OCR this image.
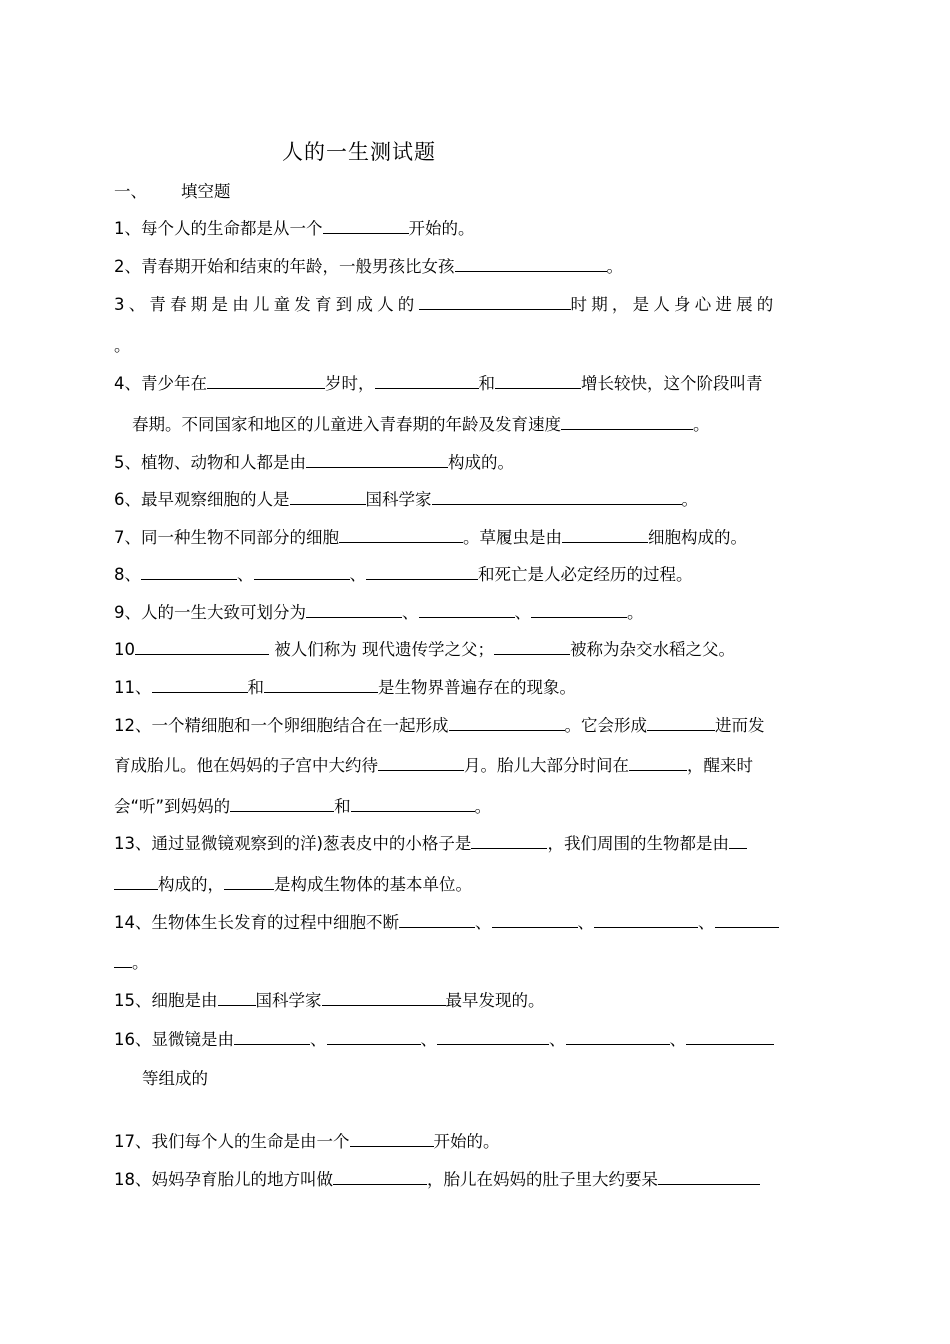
人的一生测试题
一、 填空题
1、每个人的生命都是从一个	开始的。
2、青春期开始和结束的年龄，一般男孩比女孩	。
3、青春期是由儿童发育到成人的	时期，是人身心进展的
。
4、青少年在	岁时，	和	增长较快，这个阶段叫青
春期。不同国家和地区的儿童进入青春期的年龄及发育速度	。
5、植物、动物和人都是由	构成的。
6、最早观察细胞的人是	国科学家	。
7、同一种生物不同部分的细胞	。草履虫是由	细胞构成的。
8、	、	、	和死亡是人必定经历的过程。
9、人的一生大致可划分为	、	、	。
10	被人们称为 现代遗传学之父；	被称为杂交水稻之父。
11、	和	是生物界普遍存在的现象。
12、一个精细胞和一个卵细胞结合在一起形成	。它会形成	进而发
育成胎儿。他在妈妈的子宫中大约待	月。胎儿大部分时间在	，醒来时
会“听”到妈妈的	和	。
13、通过显微镜观察到的洋)葱表皮中的小格子是	，我们周围的生物都是由
构成的，	是构成生物体的基本单位。
14、生物体生长发育的过程中细胞不断	、	、	、
。
15、细胞是由 国科学家	最早发现的。
16、显微镜是由	、	、	、	、
等组成的
17、我们每个人的生命是由一个	开始的。
18、妈妈孕育胎儿的地方叫做	，胎儿在妈妈的肚子里大约要呆
